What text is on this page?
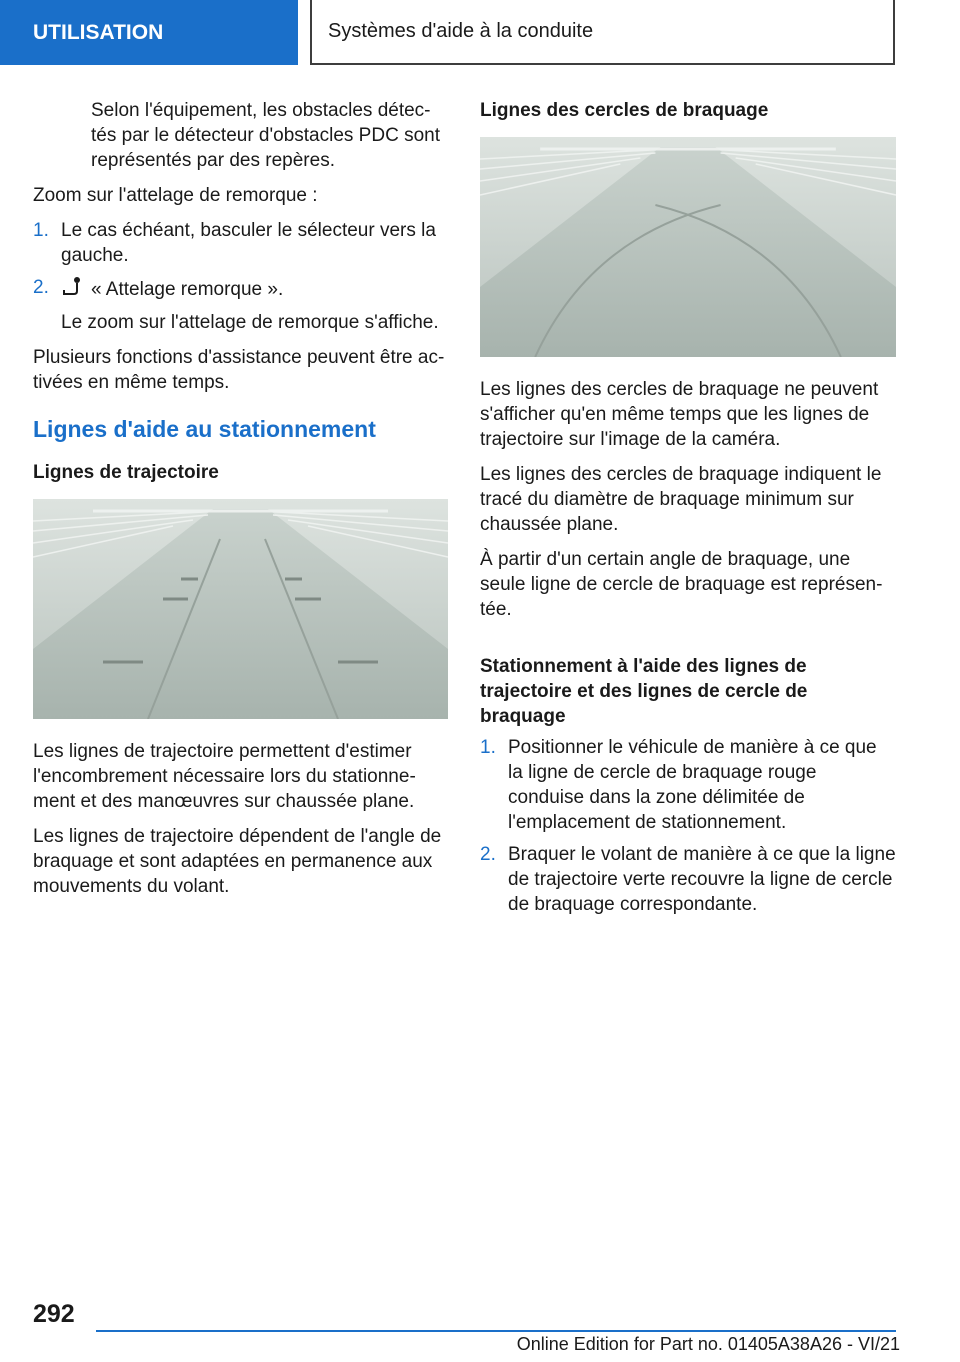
UTILISATION	Systèmes d'aide à la conduite

Selon l'équipement, les obstacles détec-tés par le détecteur d'obstacles PDC sont représentés par des repères.

Zoom sur l'attelage de remorque :

1. Le cas échéant, basculer le sélecteur vers la gauche.
2. « Attelage remorque ».
Le zoom sur l'attelage de remorque s'affiche.

Plusieurs fonctions d'assistance peuvent être ac-tivées en même temps.

Lignes d'aide au stationnement
Lignes de trajectoire

Les lignes de trajectoire permettent d'estimer l'encombrement nécessaire lors du stationne-ment et des manœuvres sur chaussée plane.

Les lignes de trajectoire dépendent de l'angle de braquage et sont adaptées en permanence aux mouvements du volant.

Lignes des cercles de braquage

Les lignes des cercles de braquage ne peuvent s'afficher qu'en même temps que les lignes de trajectoire sur l'image de la caméra.

Les lignes des cercles de braquage indiquent le tracé du diamètre de braquage minimum sur chaussée plane.

À partir d'un certain angle de braquage, une seule ligne de cercle de braquage est représen-tée.

Stationnement à l'aide des lignes de trajectoire et des lignes de cercle de braquage
1. Positionner le véhicule de manière à ce que la ligne de cercle de braquage rouge conduise dans la zone délimitée de l'emplacement de stationnement.
2. Braquer le volant de manière à ce que la ligne de trajectoire verte recouvre la ligne de cercle de braquage correspondante.
292
Online Edition for Part no. 01405A38A26 - VI/21
